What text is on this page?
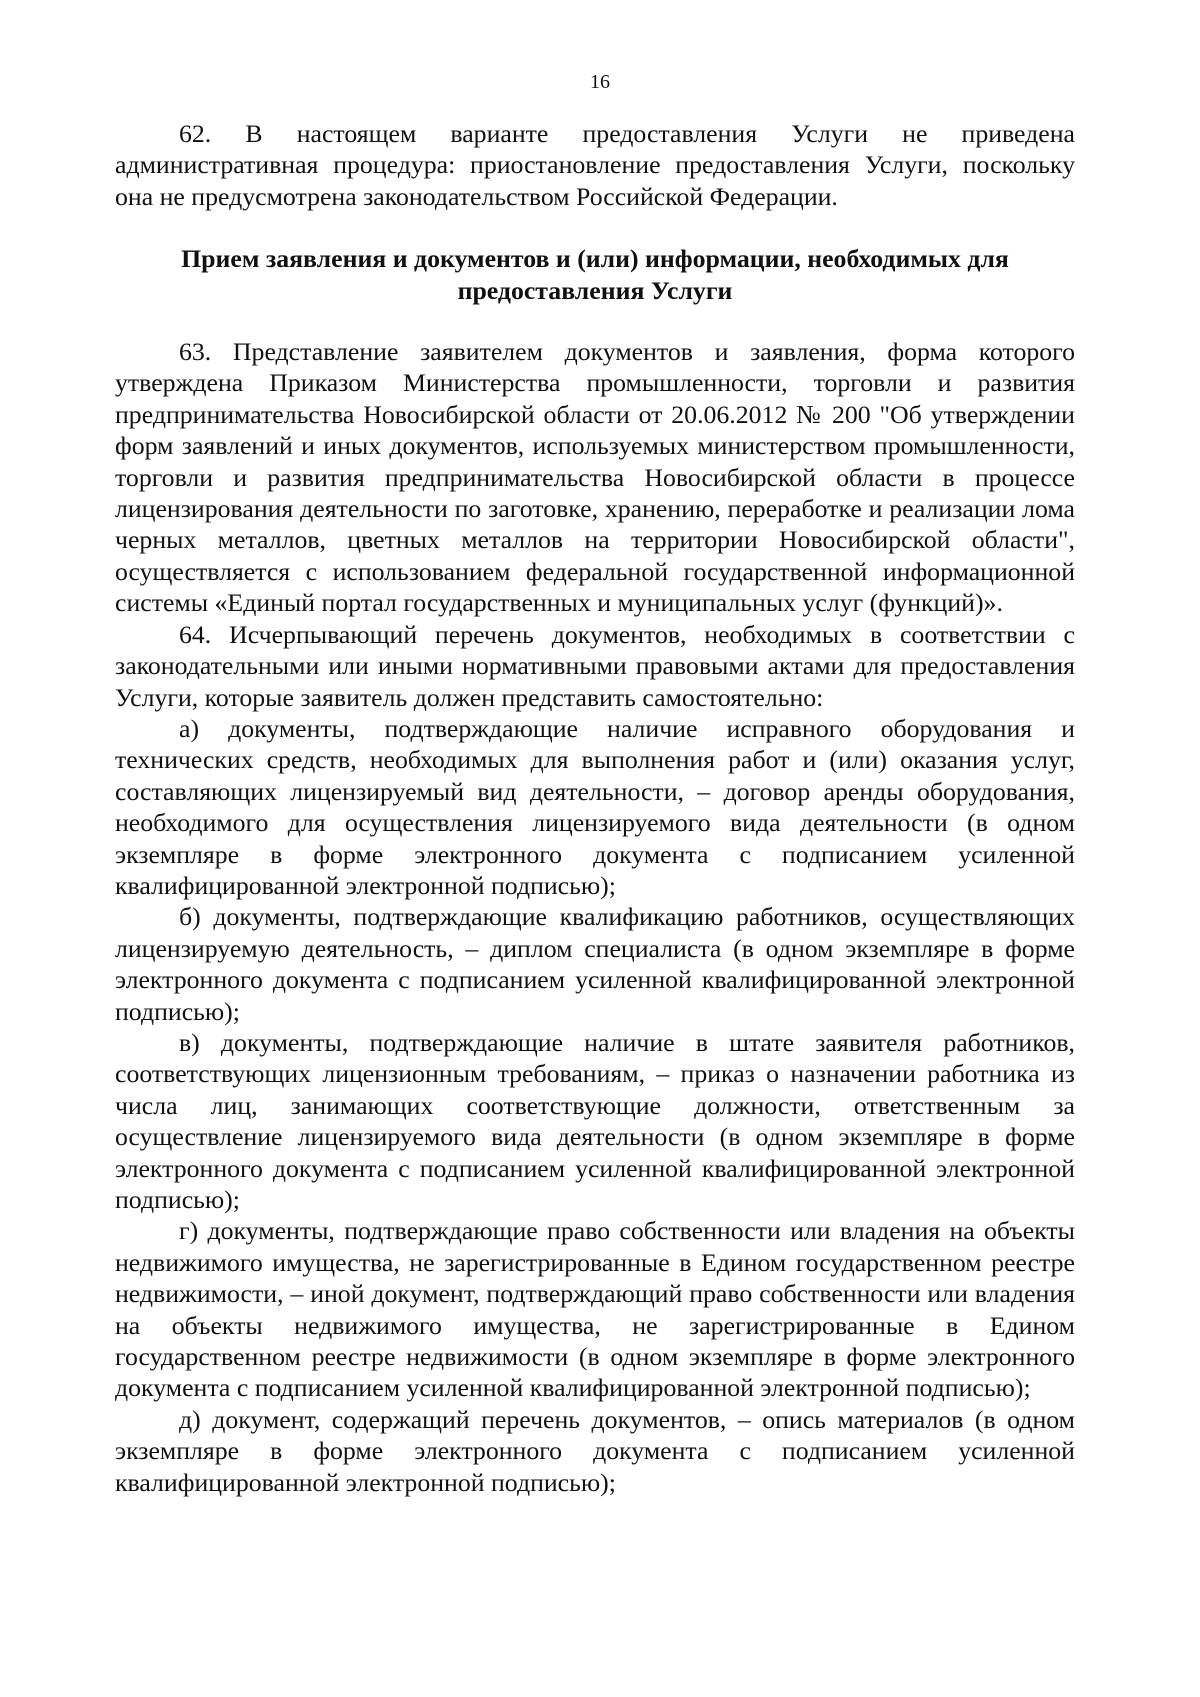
16

62. В настоящем варианте предоставления Услуги не приведена административная процедура: приостановление предоставления Услуги, поскольку она не предусмотрена законодательством Российской Федерации.

Прием заявления и документов и (или) информации, необходимых для предоставления Услуги

63. Представление заявителем документов и заявления, форма которого утверждена Приказом Министерства промышленности, торговли и развития предпринимательства Новосибирской области от 20.06.2012 № 200 "Об утверждении форм заявлений и иных документов, используемых министерством промышленности, торговли и развития предпринимательства Новосибирской области в процессе лицензирования деятельности по заготовке, хранению, переработке и реализации лома черных металлов, цветных металлов на территории Новосибирской области", осуществляется с использованием федеральной государственной информационной системы «Единый портал государственных и муниципальных услуг (функций)».

64. Исчерпывающий перечень документов, необходимых в соответствии с законодательными или иными нормативными правовыми актами для предоставления Услуги, которые заявитель должен представить самостоятельно:

а) документы, подтверждающие наличие исправного оборудования и технических средств, необходимых для выполнения работ и (или) оказания услуг, составляющих лицензируемый вид деятельности, – договор аренды оборудования, необходимого для осуществления лицензируемого вида деятельности (в одном экземпляре в форме электронного документа с подписанием усиленной квалифицированной электронной подписью);

б) документы, подтверждающие квалификацию работников, осуществляющих лицензируемую деятельность, – диплом специалиста (в одном экземпляре в форме электронного документа с подписанием усиленной квалифицированной электронной подписью);

в) документы, подтверждающие наличие в штате заявителя работников, соответствующих лицензионным требованиям, – приказ о назначении работника из числа лиц, занимающих соответствующие должности, ответственным за осуществление лицензируемого вида деятельности (в одном экземпляре в форме электронного документа с подписанием усиленной квалифицированной электронной подписью);

г) документы, подтверждающие право собственности или владения на объекты недвижимого имущества, не зарегистрированные в Едином государственном реестре недвижимости, – иной документ, подтверждающий право собственности или владения на объекты недвижимого имущества, не зарегистрированные в Едином государственном реестре недвижимости (в одном экземпляре в форме электронного документа с подписанием усиленной квалифицированной электронной подписью);

д) документ, содержащий перечень документов, – опись материалов (в одном экземпляре в форме электронного документа с подписанием усиленной квалифицированной электронной подписью);
